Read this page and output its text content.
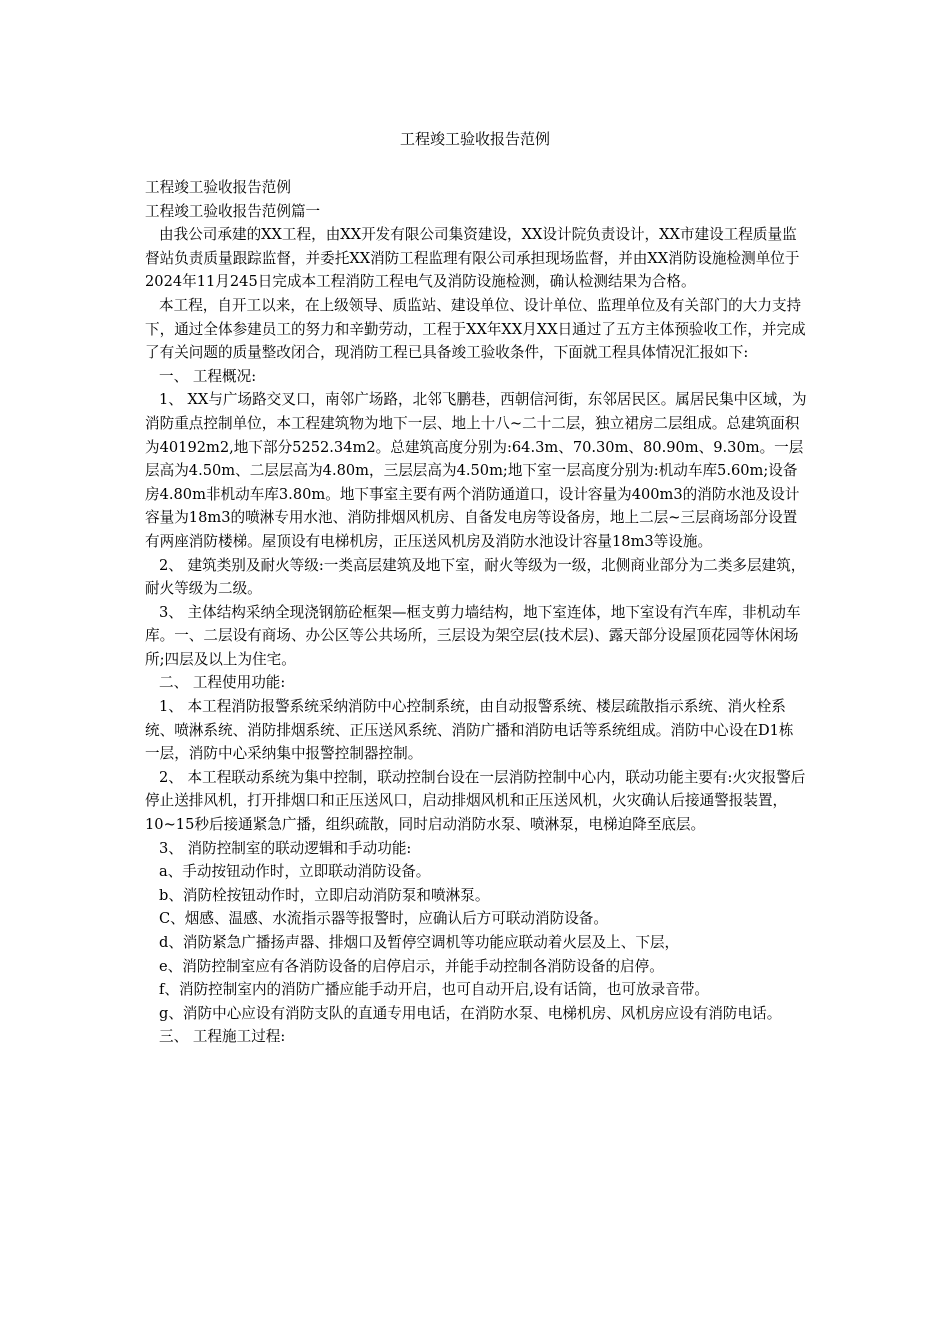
工程竣工验收报告范例

工程竣工验收报告范例

工程竣工验收报告范例篇一

由我公司承建的XX工程，由XX开发有限公司集资建设，XX设计院负责设计，XX市建设工程质量监督站负责质量跟踪监督，并委托XX消防工程监理有限公司承担现场监督，并由XX消防设施检测单位于2024年11月245日完成本工程消防工程电气及消防设施检测，确认检测结果为合格。

本工程，自开工以来，在上级领导、质监站、建设单位、设计单位、监理单位及有关部门的大力支持下，通过全体参建员工的努力和辛勤劳动，工程于XX年XX月XX日通过了五方主体预验收工作，并完成了有关问题的质量整改闭合，现消防工程已具备竣工验收条件，下面就工程具体情况汇报如下:

一、 工程概况:

1、 XX与广场路交叉口，南邻广场路，北邻飞鹏巷，西朝信河街，东邻居民区。属居民集中区域，为消防重点控制单位，本工程建筑物为地下一层、地上十八~二十二层，独立裙房二层组成。总建筑面积为40192m2,地下部分5252.34m2。总建筑高度分别为:64.3m、70.30m、80.90m、9.30m。一层层高为4.50m、二层层高为4.80m，三层层高为4.50m;地下室一层高度分别为:机动车库5.60m;设备房4.80m非机动车库3.80m。地下事室主要有两个消防通道口，设计容量为400m3的消防水池及设计容量为18m3的喷淋专用水池、消防排烟风机房、自备发电房等设备房，地上二层~三层商场部分设置有两座消防楼梯。屋顶设有电梯机房，正压送风机房及消防水池设计容量18m3等设施。

2、 建筑类别及耐火等级:一类高层建筑及地下室，耐火等级为一级，北侧商业部分为二类多层建筑，耐火等级为二级。

3、 主体结构采纳全现浇钢筋砼框架—框支剪力墙结构，地下室连体，地下室设有汽车库，非机动车库。一、二层设有商场、办公区等公共场所，三层设为架空层(技术层)、露天部分设屋顶花园等休闲场所;四层及以上为住宅。

二、 工程使用功能:

1、 本工程消防报警系统采纳消防中心控制系统，由自动报警系统、楼层疏散指示系统、消火栓系统、喷淋系统、消防排烟系统、正压送风系统、消防广播和消防电话等系统组成。消防中心设在D1栋一层，消防中心采纳集中报警控制器控制。

2、 本工程联动系统为集中控制，联动控制台设在一层消防控制中心内，联动功能主要有:火灾报警后停止送排风机，打开排烟口和正压送风口，启动排烟风机和正压送风机，火灾确认后接通警报装置，10~15秒后接通紧急广播，组织疏散，同时启动消防水泵、喷淋泵，电梯迫降至底层。

3、 消防控制室的联动逻辑和手动功能:

a、手动按钮动作时，立即联动消防设备。

b、消防栓按钮动作时，立即启动消防泵和喷淋泵。

C、烟感、温感、水流指示器等报警时，应确认后方可联动消防设备。

d、消防紧急广播扬声器、排烟口及暂停空调机等功能应联动着火层及上、下层，

e、消防控制室应有各消防设备的启停启示，并能手动控制各消防设备的启停。

f、消防控制室内的消防广播应能手动开启，也可自动开启,设有话筒，也可放录音带。

g、消防中心应设有消防支队的直通专用电话，在消防水泵、电梯机房、风机房应设有消防电话。

三、 工程施工过程:
